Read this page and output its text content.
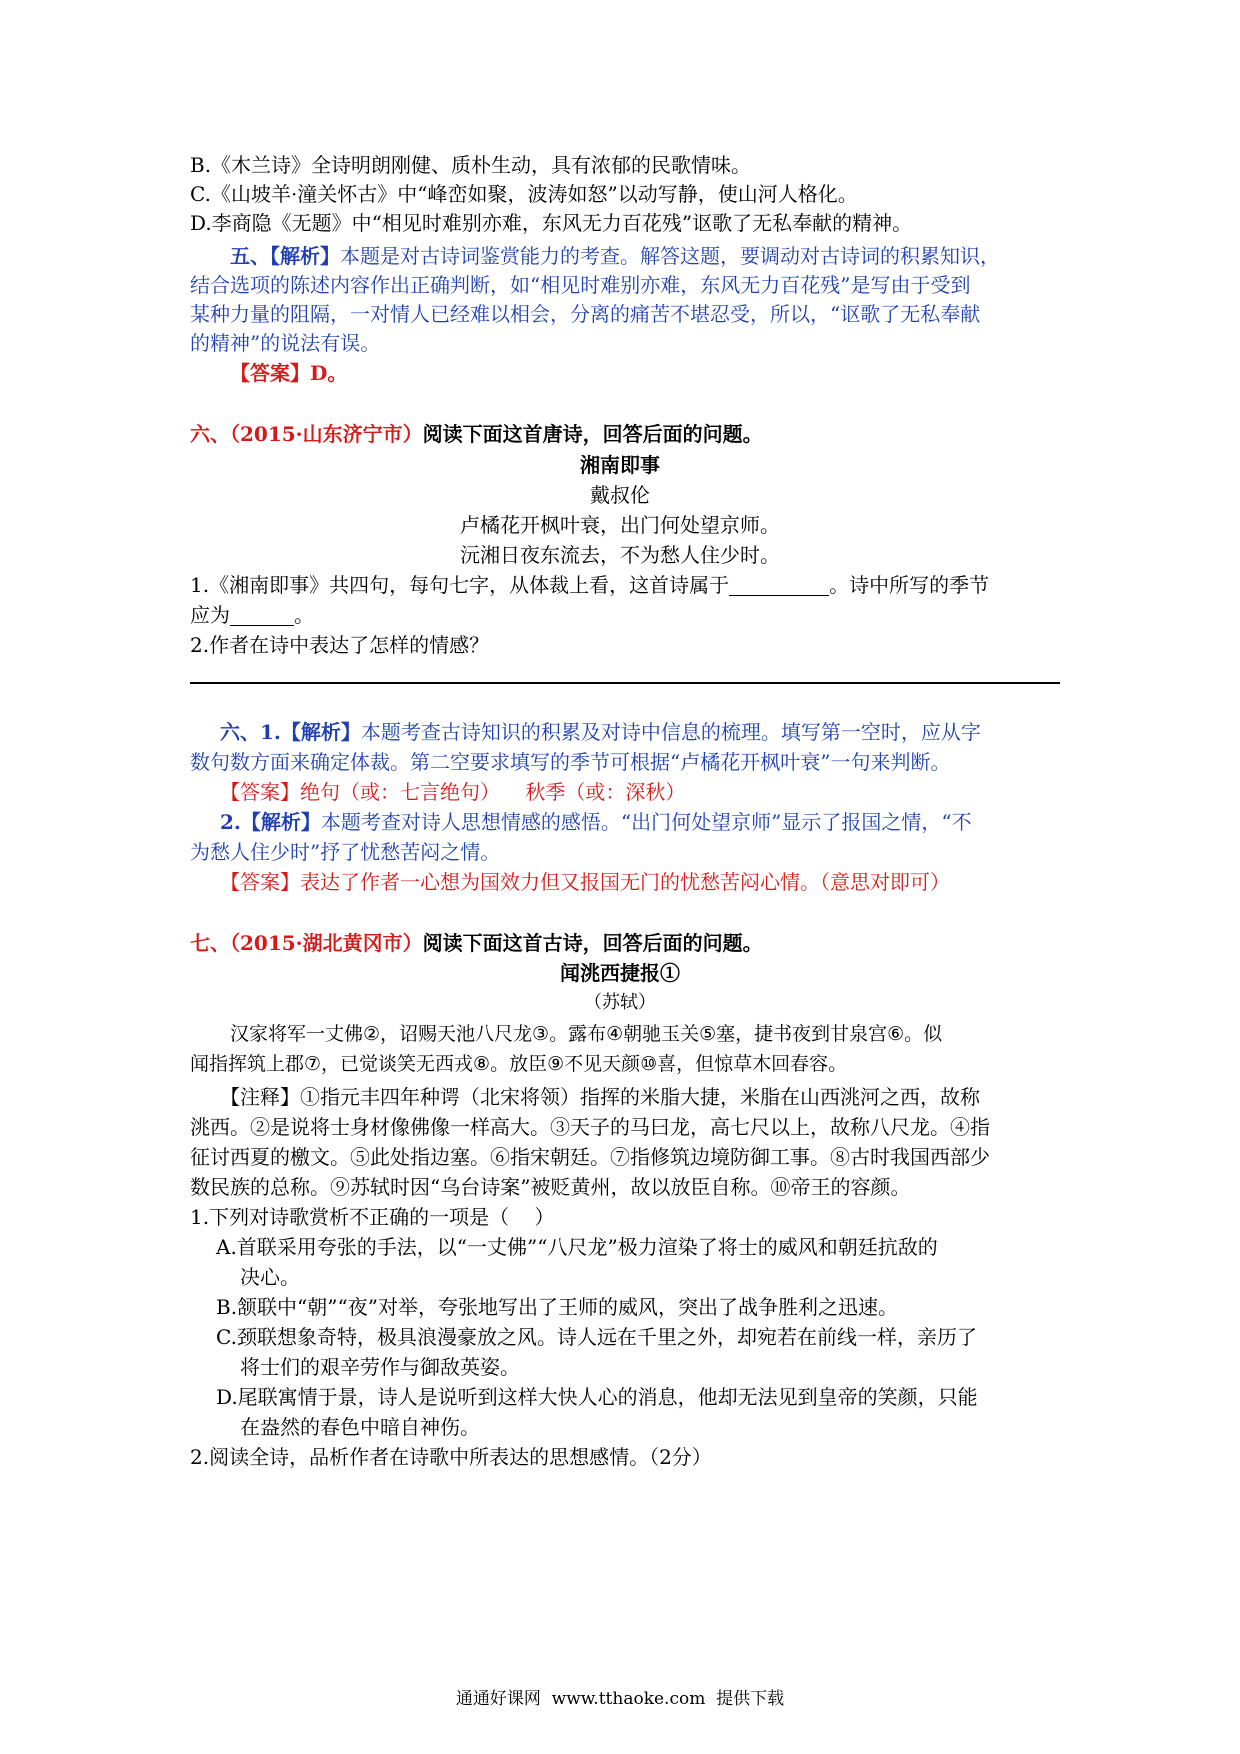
B.《木兰诗》全诗明朗刚健、质朴生动，具有浓郁的民歌情味。
C.《山坡羊·潼关怀古》中“峰峦如聚，波涛如怒”以动写静，使山河人格化。
D.李商隐《无题》中“相见时难别亦难，东风无力百花残”讴歌了无私奉献的精神。
五、【解析】本题是对古诗词鉴赏能力的考查。解答这题，要调动对古诗词的积累知识，
结合选项的陈述内容作出正确判断，如“相见时难别亦难，东风无力百花残”是写由于受到
某种力量的阻隔，一对情人已经难以相会，分离的痛苦不堪忍受，所以，“讴歌了无私奉献
的精神”的说法有误。
【答案】D。
六、（2015·山东济宁市）阅读下面这首唐诗，回答后面的问题。
湘南即事
戴叔伦
卢橘花开枫叶衰，出门何处望京师。
沅湘日夜东流去，不为愁人住少时。
1.《湘南即事》共四句，每句七字，从体裁上看，这首诗属于	。诗中所写的季节
应为	。
2.作者在诗中表达了怎样的情感？
六、1.【解析】本题考查古诗知识的积累及对诗中信息的梳理。填写第一空时，应从字
数句数方面来确定体裁。第二空要求填写的季节可根据“卢橘花开枫叶衰”一句来判断。
【答案】绝句（或：七言绝句）    秋季（或：深秋）
2.【解析】本题考查对诗人思想情感的感悟。“出门何处望京师”显示了报国之情，“不
为愁人住少时”抒了忧愁苦闷之情。
【答案】表达了作者一心想为国效力但又报国无门的忧愁苦闷心情。（意思对即可）
七、（2015·湖北黄冈市）阅读下面这首古诗，回答后面的问题。
闻洮西捷报①
（苏轼）
汉家将军一丈佛②，诏赐天池八尺龙③。露布④朝驰玉关⑤塞，捷书夜到甘泉宫⑥。似
闻指挥筑上郡⑦，已觉谈笑无西戎⑧。放臣⑨不见天颜⑩喜，但惊草木回春容。
【注释】①指元丰四年种谔（北宋将领）指挥的米脂大捷，米脂在山西洮河之西，故称
洮西。②是说将士身材像佛像一样高大。③天子的马曰龙，高七尺以上，故称八尺龙。④指
征讨西夏的檄文。⑤此处指边塞。⑥指宋朝廷。⑦指修筑边境防御工事。⑧古时我国西部少
数民族的总称。⑨苏轼时因“乌台诗案”被贬黄州，故以放臣自称。⑩帝王的容颜。
1.下列对诗歌赏析不正确的一项是（    ）
A.首联采用夸张的手法，以“一丈佛”“八尺龙”极力渲染了将士的威风和朝廷抗敌的
决心。
B.颔联中“朝”“夜”对举，夸张地写出了王师的威风，突出了战争胜利之迅速。
C.颈联想象奇特，极具浪漫豪放之风。诗人远在千里之外，却宛若在前线一样，亲历了
将士们的艰辛劳作与御敌英姿。
D.尾联寓情于景，诗人是说听到这样大快人心的消息，他却无法见到皇帝的笑颜，只能
在盎然的春色中暗自神伤。
2.阅读全诗，品析作者在诗歌中所表达的思想感情。（2分）
通通好课网  www.tthaoke.com  提供下载
